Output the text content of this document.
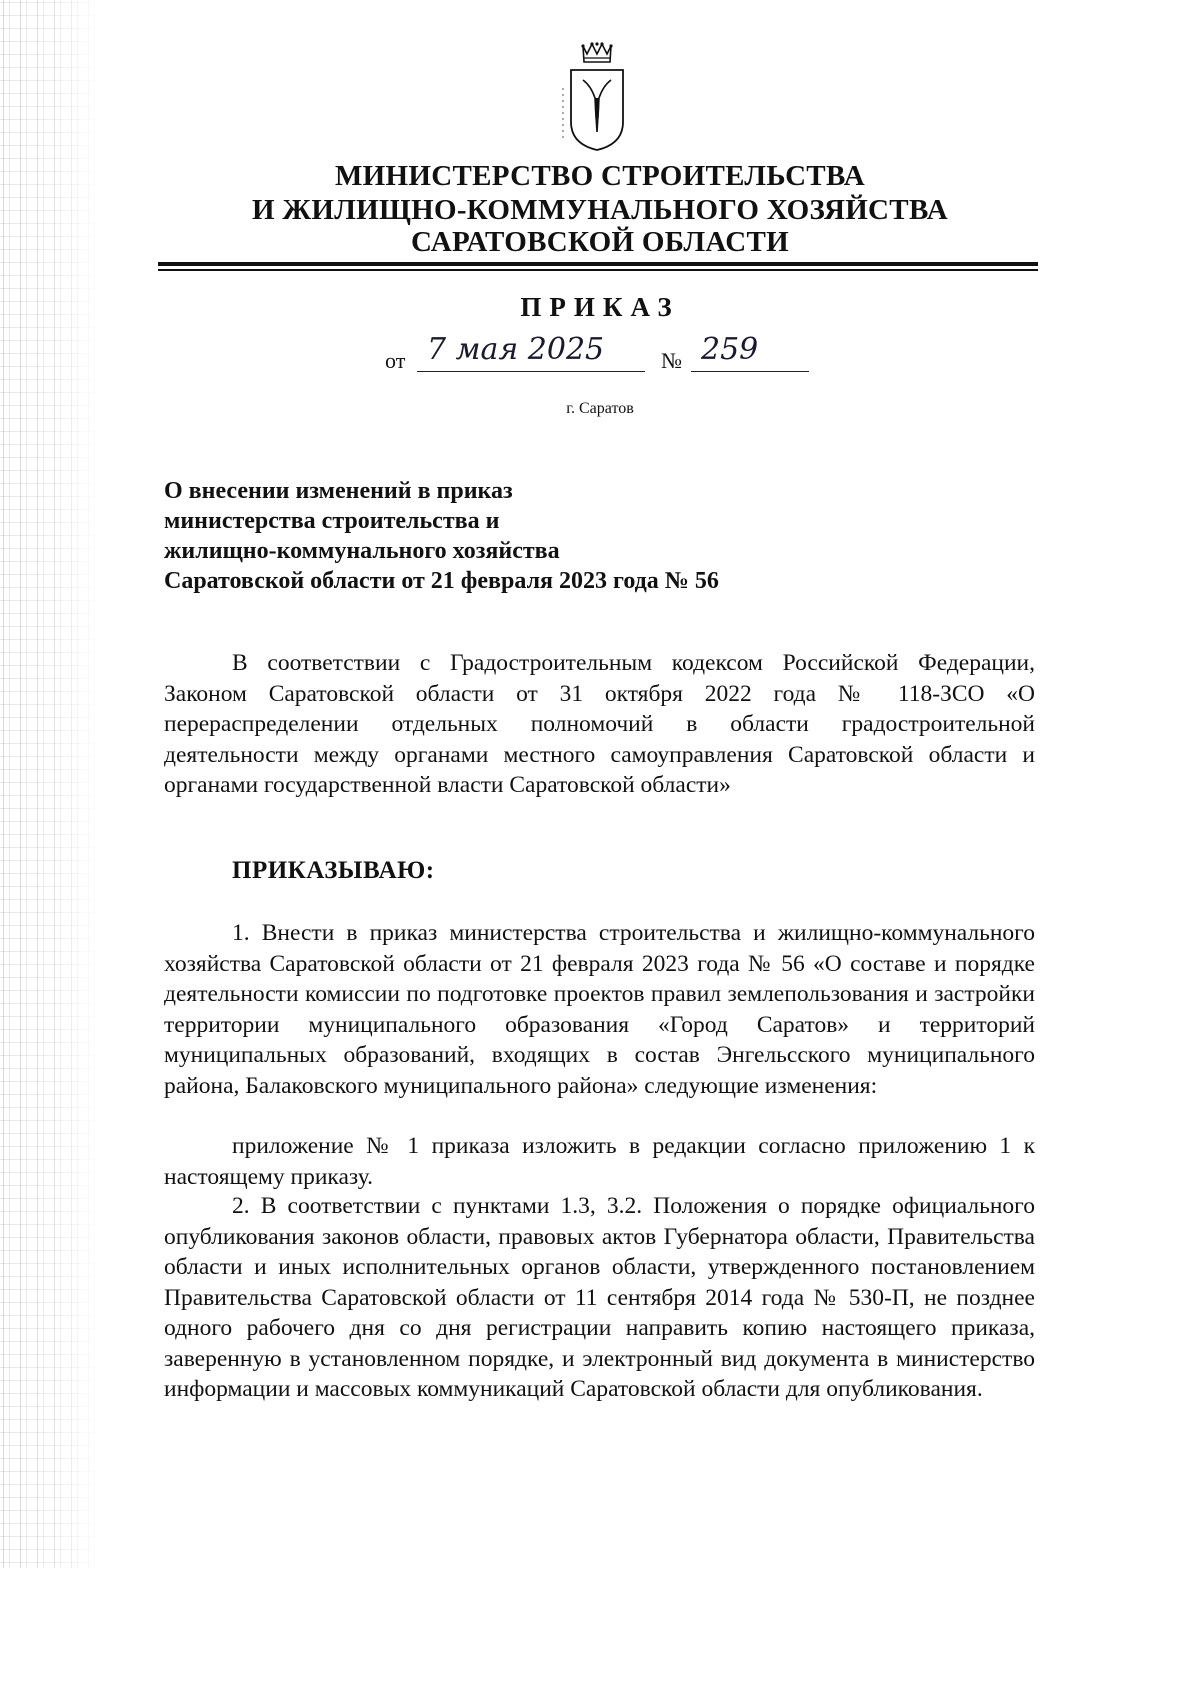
МИНИСТЕРСТВО СТРОИТЕЛЬСТВА
И ЖИЛИЩНО-КОММУНАЛЬНОГО ХОЗЯЙСТВА
САРАТОВСКОЙ ОБЛАСТИ
ПРИКАЗ
от 7 мая 2025	№ 259
г. Саратов
О внесении изменений в приказ
министерства строительства и
жилищно-коммунального хозяйства
Саратовской области от 21 февраля 2023 года № 56
В соответствии с Градостроительным кодексом Российской Федерации, Законом Саратовской области от 31 октября 2022 года № 118-ЗСО «О перераспределении отдельных полномочий в области градостроительной деятельности между органами местного самоуправления Саратовской области и органами государственной власти Саратовской области»
ПРИКАЗЫВАЮ:
1. Внести в приказ министерства строительства и жилищно-коммунального хозяйства Саратовской области от 21 февраля 2023 года № 56 «О составе и порядке деятельности комиссии по подготовке проектов правил землепользования и застройки территории муниципального образования «Город Саратов» и территорий муниципальных образований, входящих в состав Энгельсского муниципального района, Балаковского муниципального района» следующие изменения:
приложение № 1 приказа изложить в редакции согласно приложению 1 к настоящему приказу.
2. В соответствии с пунктами 1.3, 3.2. Положения о порядке официального опубликования законов области, правовых актов Губернатора области, Правительства области и иных исполнительных органов области, утвержденного постановлением Правительства Саратовской области от 11 сентября 2014 года № 530-П, не позднее одного рабочего дня со дня регистрации направить копию настоящего приказа, заверенную в установленном порядке, и электронный вид документа в министерство информации и массовых коммуникаций Саратовской области для опубликования.
